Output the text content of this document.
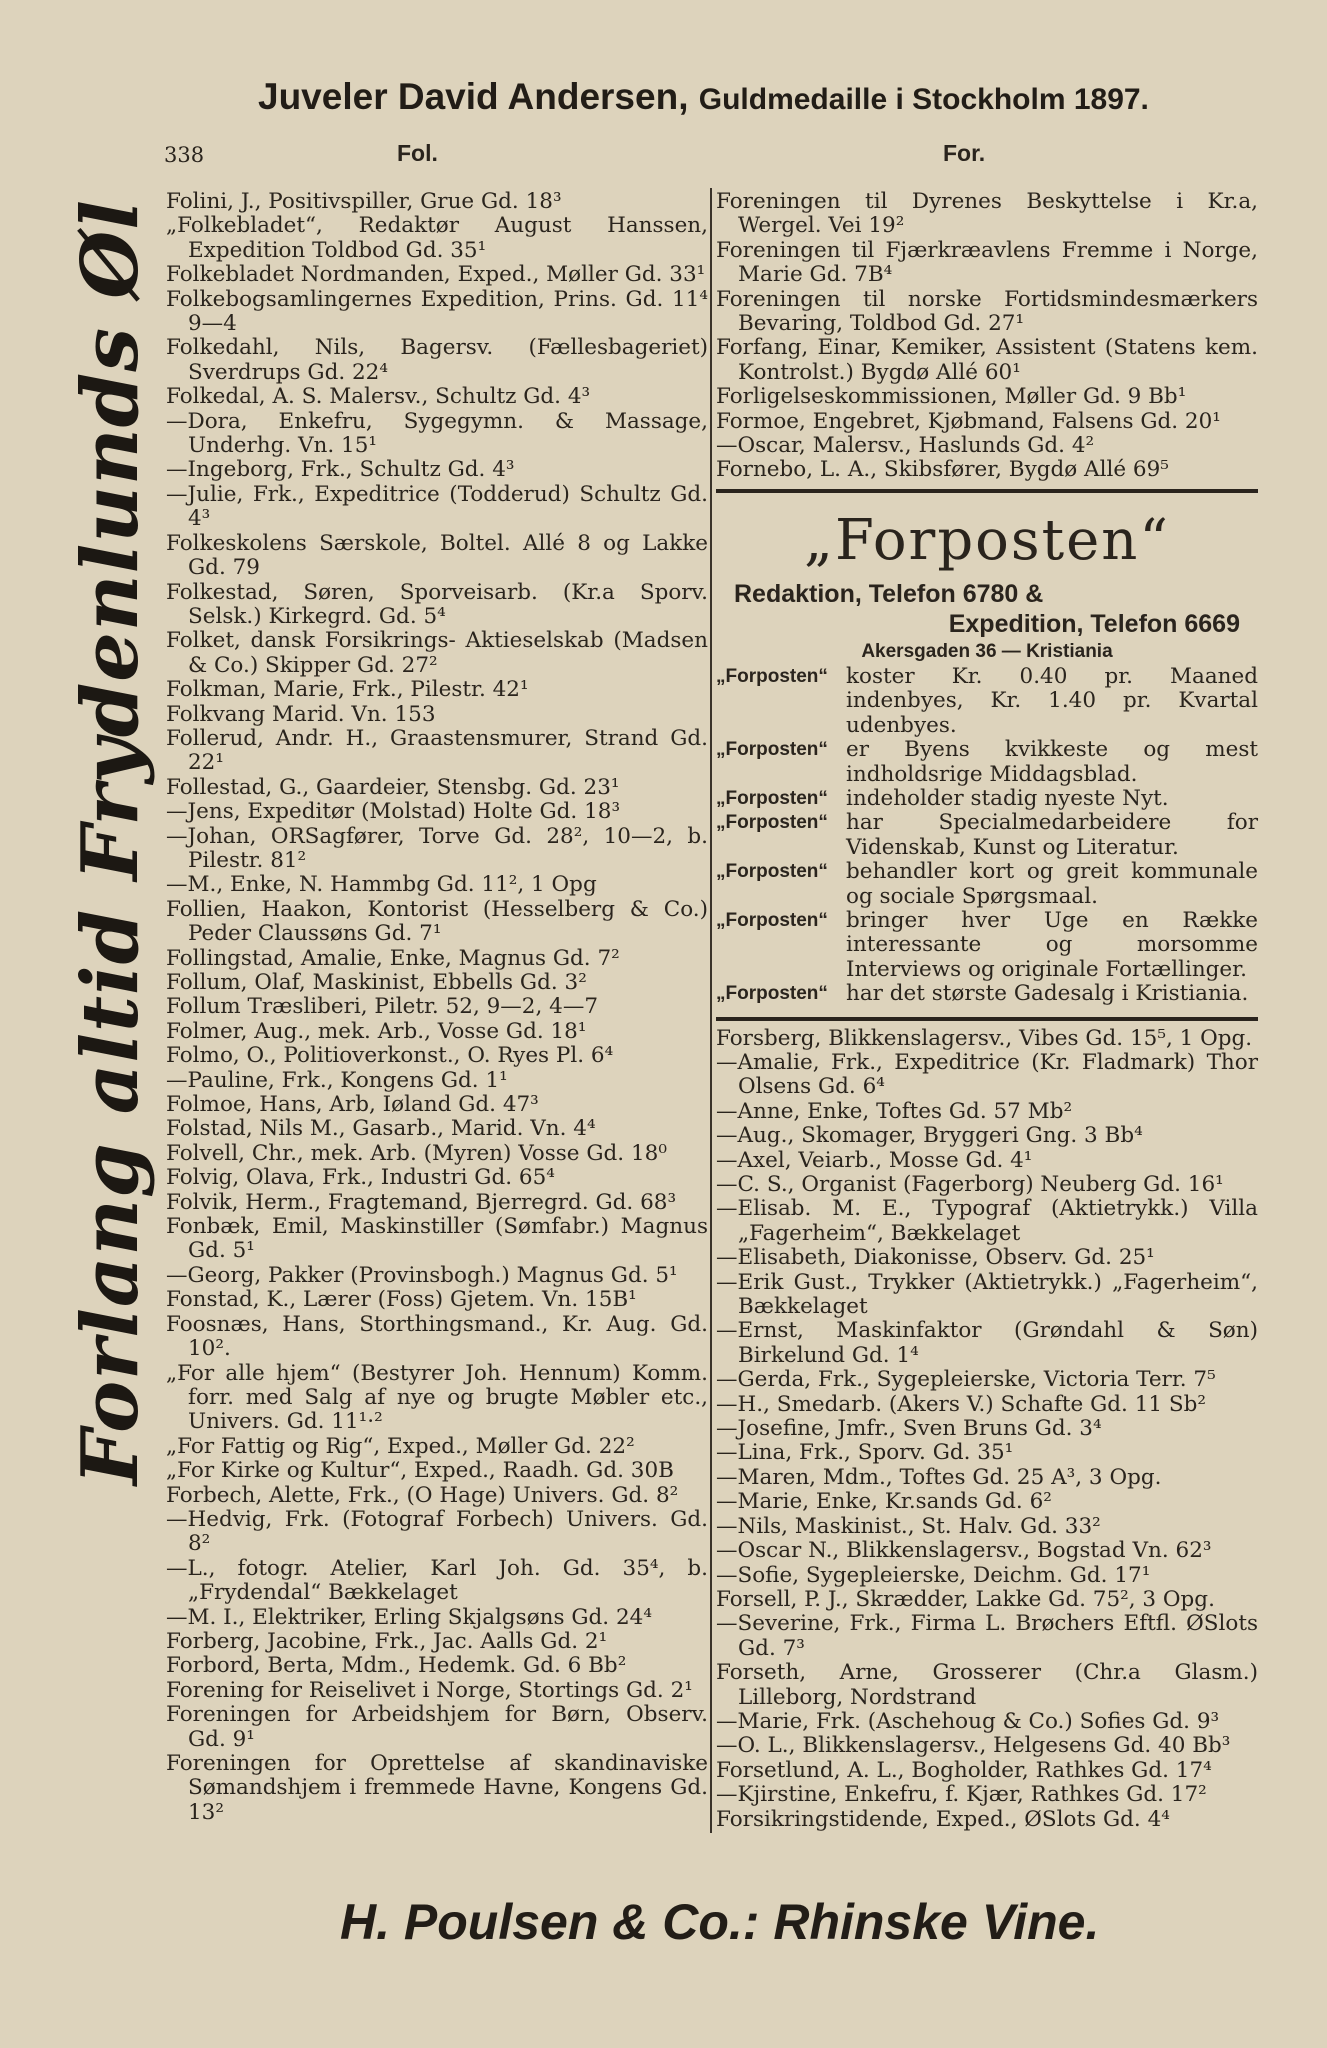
Juveler David Andersen, Guldmedaille i Stockholm 1897.
338	Fol.	For.
Forlang altid Frydenlunds Øl Folini, J., Positivspiller, Grue Gd. 18³
„Folkebladet“, Redaktør August Hanssen, Expedition Toldbod Gd. 35¹
Folkebladet Nordmanden, Exped., Møller Gd. 33¹
Folkebogsamlingernes Expedition, Prins. Gd. 11⁴ 9—4
Folkedahl, Nils, Bagersv. (Fællesbageriet) Sverdrups Gd. 22⁴
Folkedal, A. S. Malersv., Schultz Gd. 4³
—Dora, Enkefru, Sygegymn. & Massage, Underhg. Vn. 15¹
—Ingeborg, Frk., Schultz Gd. 4³
—Julie, Frk., Expeditrice (Todderud) Schultz Gd. 4³
Folkeskolens Særskole, Boltel. Allé 8 og Lakke Gd. 79
Folkestad, Søren, Sporveisarb. (Kr.a Sporv. Selsk.) Kirkegrd. Gd. 5⁴
Folket, dansk Forsikrings- Aktieselskab (Madsen & Co.) Skipper Gd. 27²
Folkman, Marie, Frk., Pilestr. 42¹
Folkvang Marid. Vn. 153
Follerud, Andr. H., Graastensmurer, Strand Gd. 22¹
Follestad, G., Gaardeier, Stensbg. Gd. 23¹
—Jens, Expeditør (Molstad) Holte Gd. 18³
—Johan, ORSagfører, Torve Gd. 28², 10—2, b. Pilestr. 81²
—M., Enke, N. Hammbg Gd. 11², 1 Opg
Follien, Haakon, Kontorist (Hesselberg & Co.) Peder Claussøns Gd. 7¹
Follingstad, Amalie, Enke, Magnus Gd. 7²
Follum, Olaf, Maskinist, Ebbells Gd. 3²
Follum Træsliberi, Piletr. 52, 9—2, 4—7
Folmer, Aug., mek. Arb., Vosse Gd. 18¹
Folmo, O., Politioverkonst., O. Ryes Pl. 6⁴
—Pauline, Frk., Kongens Gd. 1¹
Folmoe, Hans, Arb, Iøland Gd. 47³
Folstad, Nils M., Gasarb., Marid. Vn. 4⁴
Folvell, Chr., mek. Arb. (Myren) Vosse Gd. 18⁰
Folvig, Olava, Frk., Industri Gd. 65⁴
Folvik, Herm., Fragtemand, Bjerregrd. Gd. 68³
Fonbæk, Emil, Maskinstiller (Sømfabr.) Magnus Gd. 5¹
—Georg, Pakker (Provinsbogh.) Magnus Gd. 5¹
Fonstad, K., Lærer (Foss) Gjetem. Vn. 15B¹
Foosnæs, Hans, Storthingsmand., Kr. Aug. Gd. 10².
„For alle hjem“ (Bestyrer Joh. Hennum) Komm. forr. med Salg af nye og brugte Møbler etc., Univers. Gd. 11¹·²
„For Fattig og Rig“, Exped., Møller Gd. 22²
„For Kirke og Kultur“, Exped., Raadh. Gd. 30B
Forbech, Alette, Frk., (O Hage) Univers. Gd. 8²
—Hedvig, Frk. (Fotograf Forbech) Univers. Gd. 8²
—L., fotogr. Atelier, Karl Joh. Gd. 35⁴, b. „Frydendal“ Bækkelaget
—M. I., Elektriker, Erling Skjalgsøns Gd. 24⁴
Forberg, Jacobine, Frk., Jac. Aalls Gd. 2¹
Forbord, Berta, Mdm., Hedemk. Gd. 6 Bb²
Forening for Reiselivet i Norge, Stortings Gd. 2¹
Foreningen for Arbeidshjem for Børn, Observ. Gd. 9¹
Foreningen for Oprettelse af skandinaviske Sømandshjem i fremmede Havne, Kongens Gd. 13²
Foreningen til Dyrenes Beskyttelse i Kr.a, Wergel. Vei 19²
Foreningen til Fjærkræavlens Fremme i Norge, Marie Gd. 7B⁴
Foreningen til norske Fortidsmindesmærkers Bevaring, Toldbod Gd. 27¹
Forfang, Einar, Kemiker, Assistent (Statens kem. Kontrolst.) Bygdø Allé 60¹
Forligelseskommissionen, Møller Gd. 9 Bb¹
Formoe, Engebret, Kjøbmand, Falsens Gd. 20¹
—Oscar, Malersv., Haslunds Gd. 4²
Fornebo, L. A., Skibsfører, Bygdø Allé 69⁵
„Forposten“
Redaktion, Telefon 6780 &
Expedition, Telefon 6669
Akersgaden 36 — Kristiania
„Forposten“ koster Kr. 0.40 pr. Maaned indenbyes, Kr. 1.40 pr. Kvartal udenbyes.
„Forposten“ er Byens kvikkeste og mest indholdsrige Middagsblad.
„Forposten“ indeholder stadig nyeste Nyt.
„Forposten“ har Specialmedarbeidere for Videnskab, Kunst og Literatur.
„Forposten“ behandler kort og greit kommunale og sociale Spørgsmaal.
„Forposten“ bringer hver Uge en Række interessante og morsomme Interviews og originale Fortællinger.
„Forposten“ har det største Gadesalg i Kristiania.
Forsberg, Blikkenslagersv., Vibes Gd. 15⁵, 1 Opg.
—Amalie, Frk., Expeditrice (Kr. Fladmark) Thor Olsens Gd. 6⁴
—Anne, Enke, Toftes Gd. 57 Mb²
—Aug., Skomager, Bryggeri Gng. 3 Bb⁴
—Axel, Veiarb., Mosse Gd. 4¹
—C. S., Organist (Fagerborg) Neuberg Gd. 16¹
—Elisab. M. E., Typograf (Aktietrykk.) Villa „Fagerheim“, Bækkelaget
—Elisabeth, Diakonisse, Observ. Gd. 25¹
—Erik Gust., Trykker (Aktietrykk.) „Fagerheim“, Bækkelaget
—Ernst, Maskinfaktor (Grøndahl & Søn) Birkelund Gd. 1⁴
—Gerda, Frk., Sygepleierske, Victoria Terr. 7⁵
—H., Smedarb. (Akers V.) Schafte Gd. 11 Sb²
—Josefine, Jmfr., Sven Bruns Gd. 3⁴
—Lina, Frk., Sporv. Gd. 35¹
—Maren, Mdm., Toftes Gd. 25 A³, 3 Opg.
—Marie, Enke, Kr.sands Gd. 6²
—Nils, Maskinist., St. Halv. Gd. 33²
—Oscar N., Blikkenslagersv., Bogstad Vn. 62³
—Sofie, Sygepleierske, Deichm. Gd. 17¹
Forsell, P. J., Skrædder, Lakke Gd. 75², 3 Opg.
—Severine, Frk., Firma L. Brøchers Eftfl. ØSlots Gd. 7³
Forseth, Arne, Grosserer (Chr.a Glasm.) Lilleborg, Nordstrand
—Marie, Frk. (Aschehoug & Co.) Sofies Gd. 9³
—O. L., Blikkenslagersv., Helgesens Gd. 40 Bb³
Forsetlund, A. L., Bogholder, Rathkes Gd. 17⁴
—Kjirstine, Enkefru, f. Kjær, Rathkes Gd. 17²
Forsikringstidende, Exped., ØSlots Gd. 4⁴
H. Poulsen & Co.: Rhinske Vine.
